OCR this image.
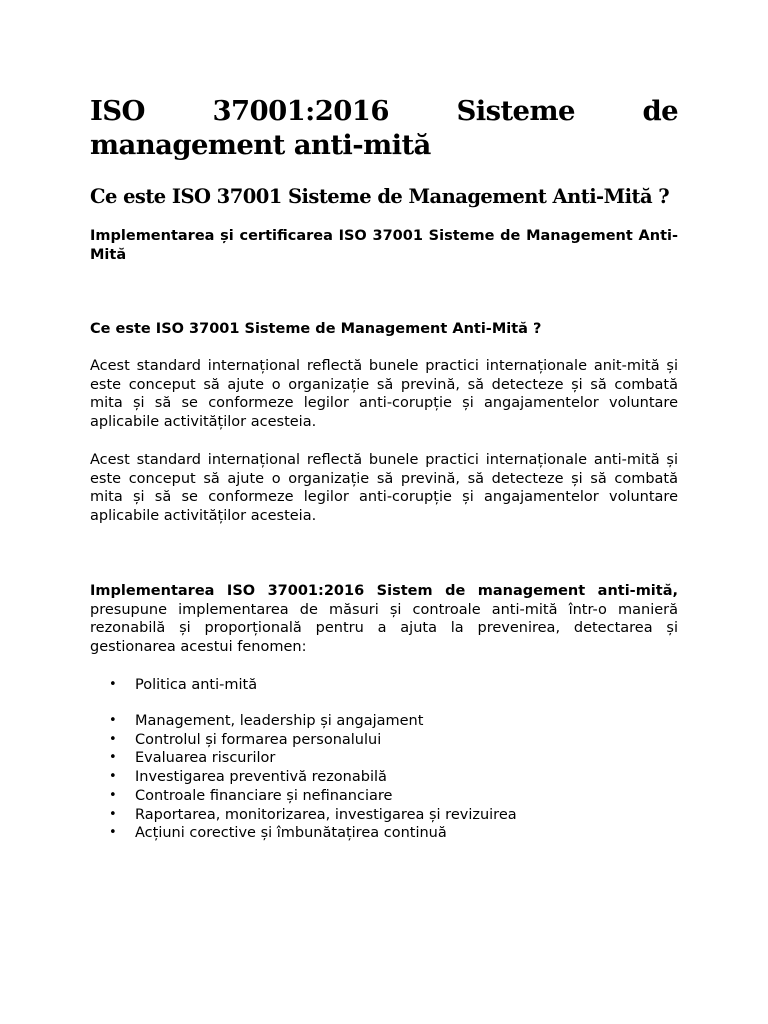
ISO 37001:2016 Sisteme de management anti-mită
Ce este ISO 37001 Sisteme de Management Anti-Mită ?
Implementarea și certificarea ISO 37001 Sisteme de Management Anti-Mită
Ce este ISO 37001 Sisteme de Management Anti-Mită ?

Acest standard internațional reflectă bunele practici internaționale anit-mită și este conceput să ajute o organizație să prevină, să detecteze și să combată mita și să se conformeze legilor anti-corupție și angajamentelor voluntare aplicabile activităților acesteia.

Acest standard internațional reflectă bunele practici internaționale anti-mită și este conceput să ajute o organizație să prevină, să detecteze și să combată mita și să se conformeze legilor anti-corupție și angajamentelor voluntare aplicabile activităților acesteia.

Implementarea ISO 37001:2016 Sistem de management anti-mită, presupune implementarea de măsuri și controale anti-mită într-o manieră rezonabilă și proporțională pentru a ajuta la prevenirea, detectarea și gestionarea acestui fenomen:

• Politica anti-mită
• Management, leadership și angajament
• Controlul și formarea personalului
• Evaluarea riscurilor
• Investigarea preventivă rezonabilă
• Controale financiare și nefinanciare
• Raportarea, monitorizarea, investigarea și revizuirea
• Acțiuni corective și îmbunătațirea continuă
